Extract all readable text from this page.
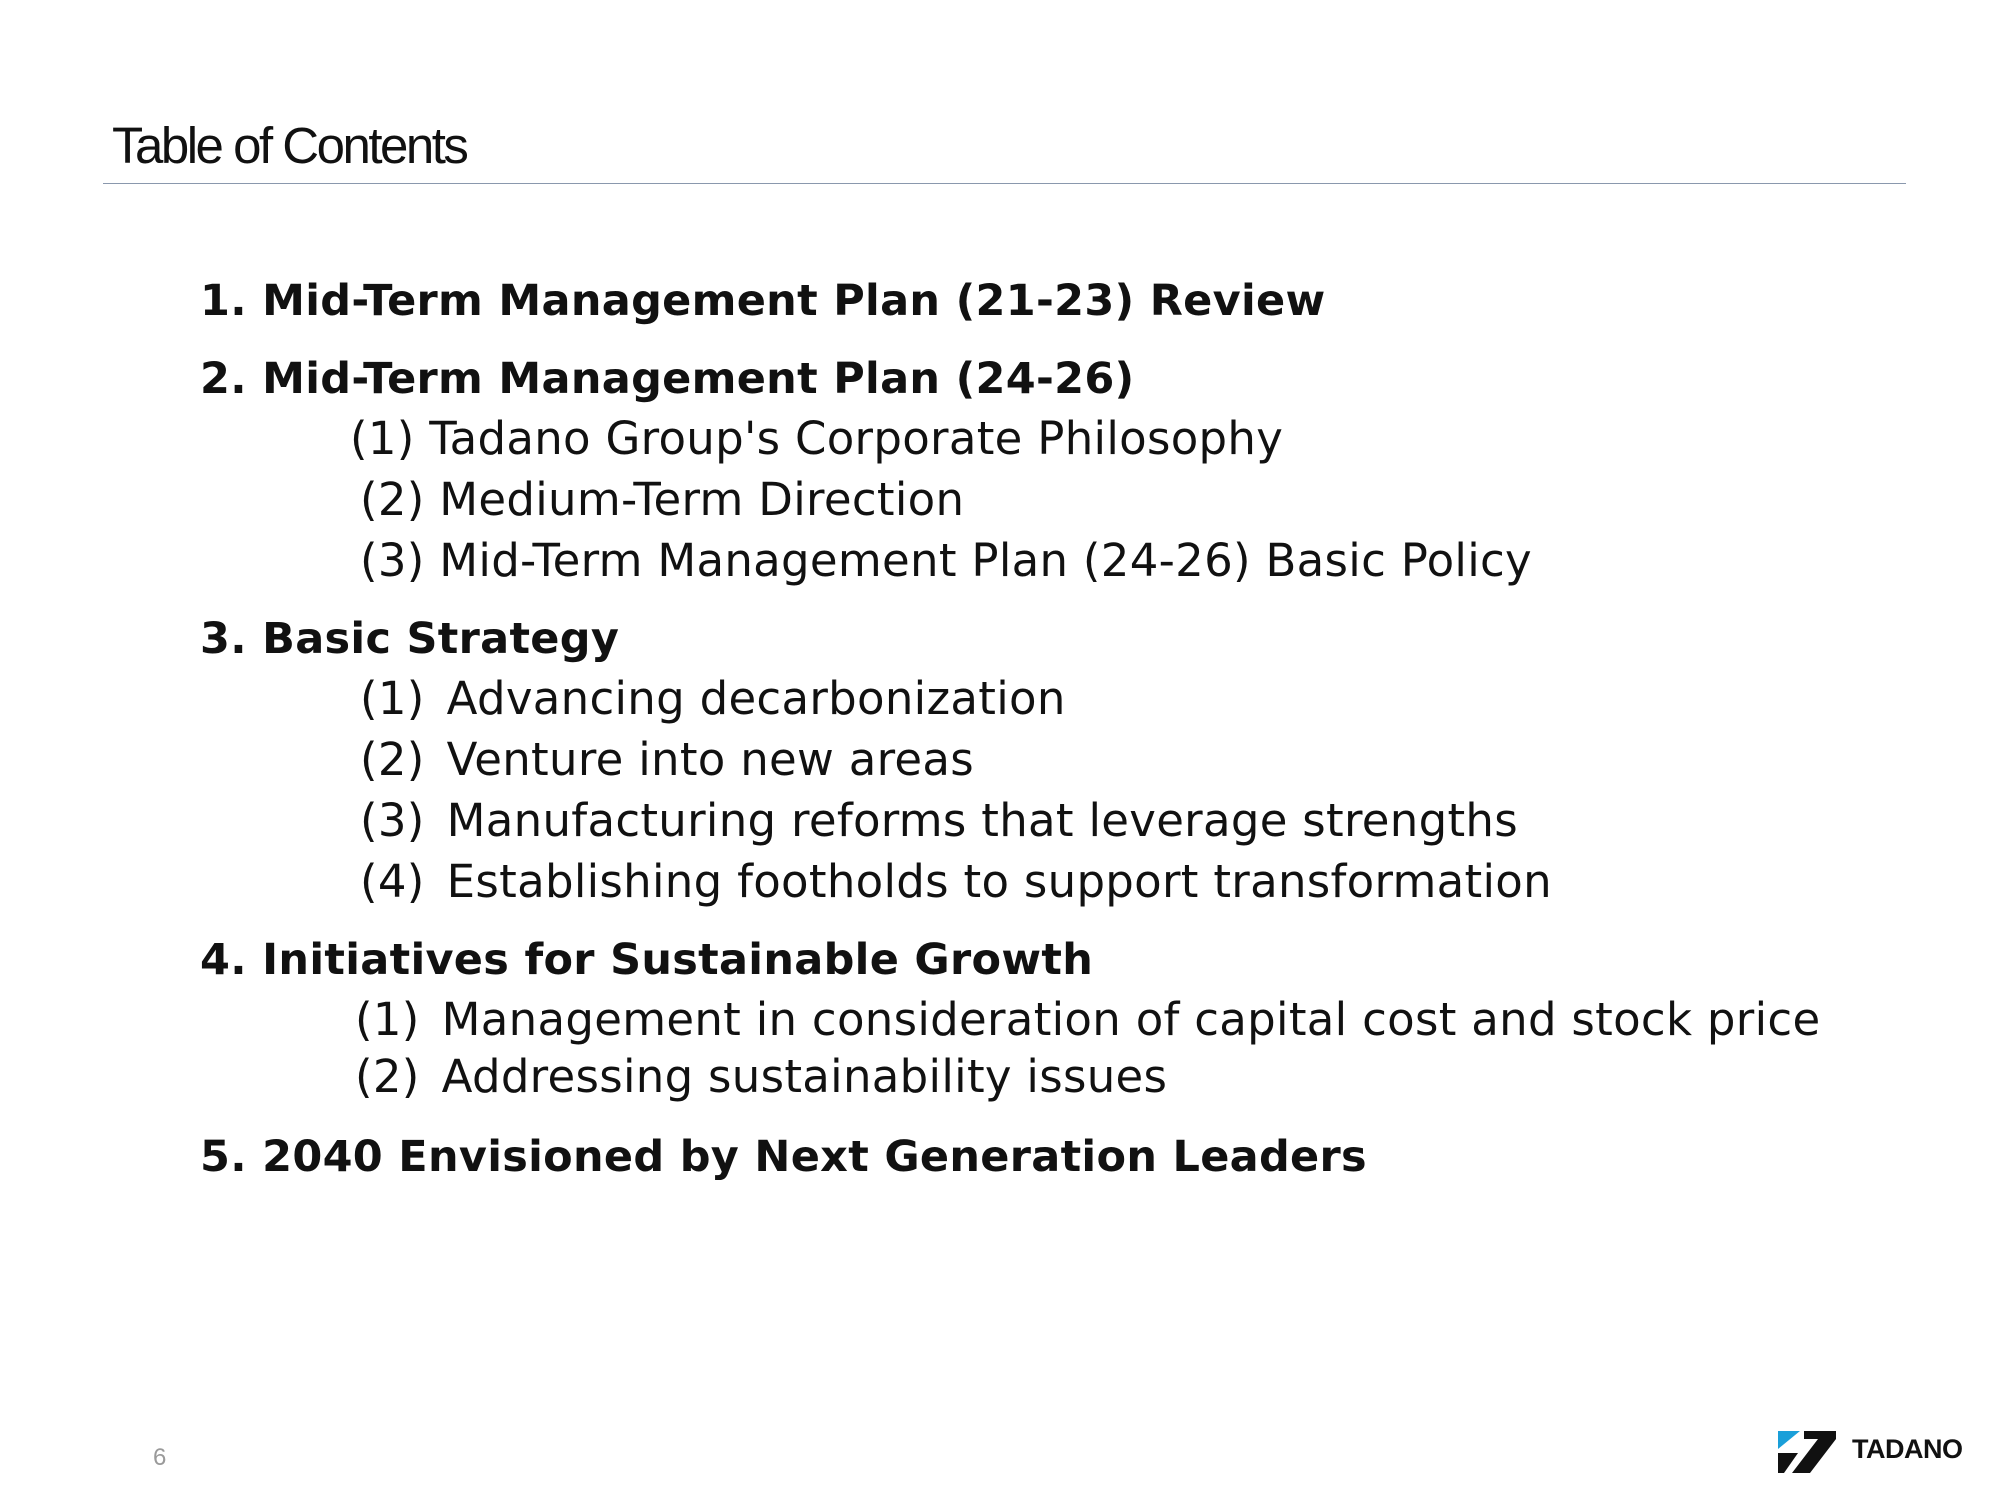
Table of Contents
1. Mid-Term Management Plan (21-23) Review
2. Mid-Term Management Plan (24-26)
(1) Tadano Group's Corporate Philosophy
(2) Medium-Term Direction
(3) Mid-Term Management Plan (24-26) Basic Policy
3. Basic Strategy
(1) Advancing decarbonization
(2) Venture into new areas
(3) Manufacturing reforms that leverage strengths
(4) Establishing footholds to support transformation
4. Initiatives for Sustainable Growth
(1) Management in consideration of capital cost and stock price
(2) Addressing sustainability issues
5. 2040 Envisioned by Next Generation Leaders
6	TADANO
